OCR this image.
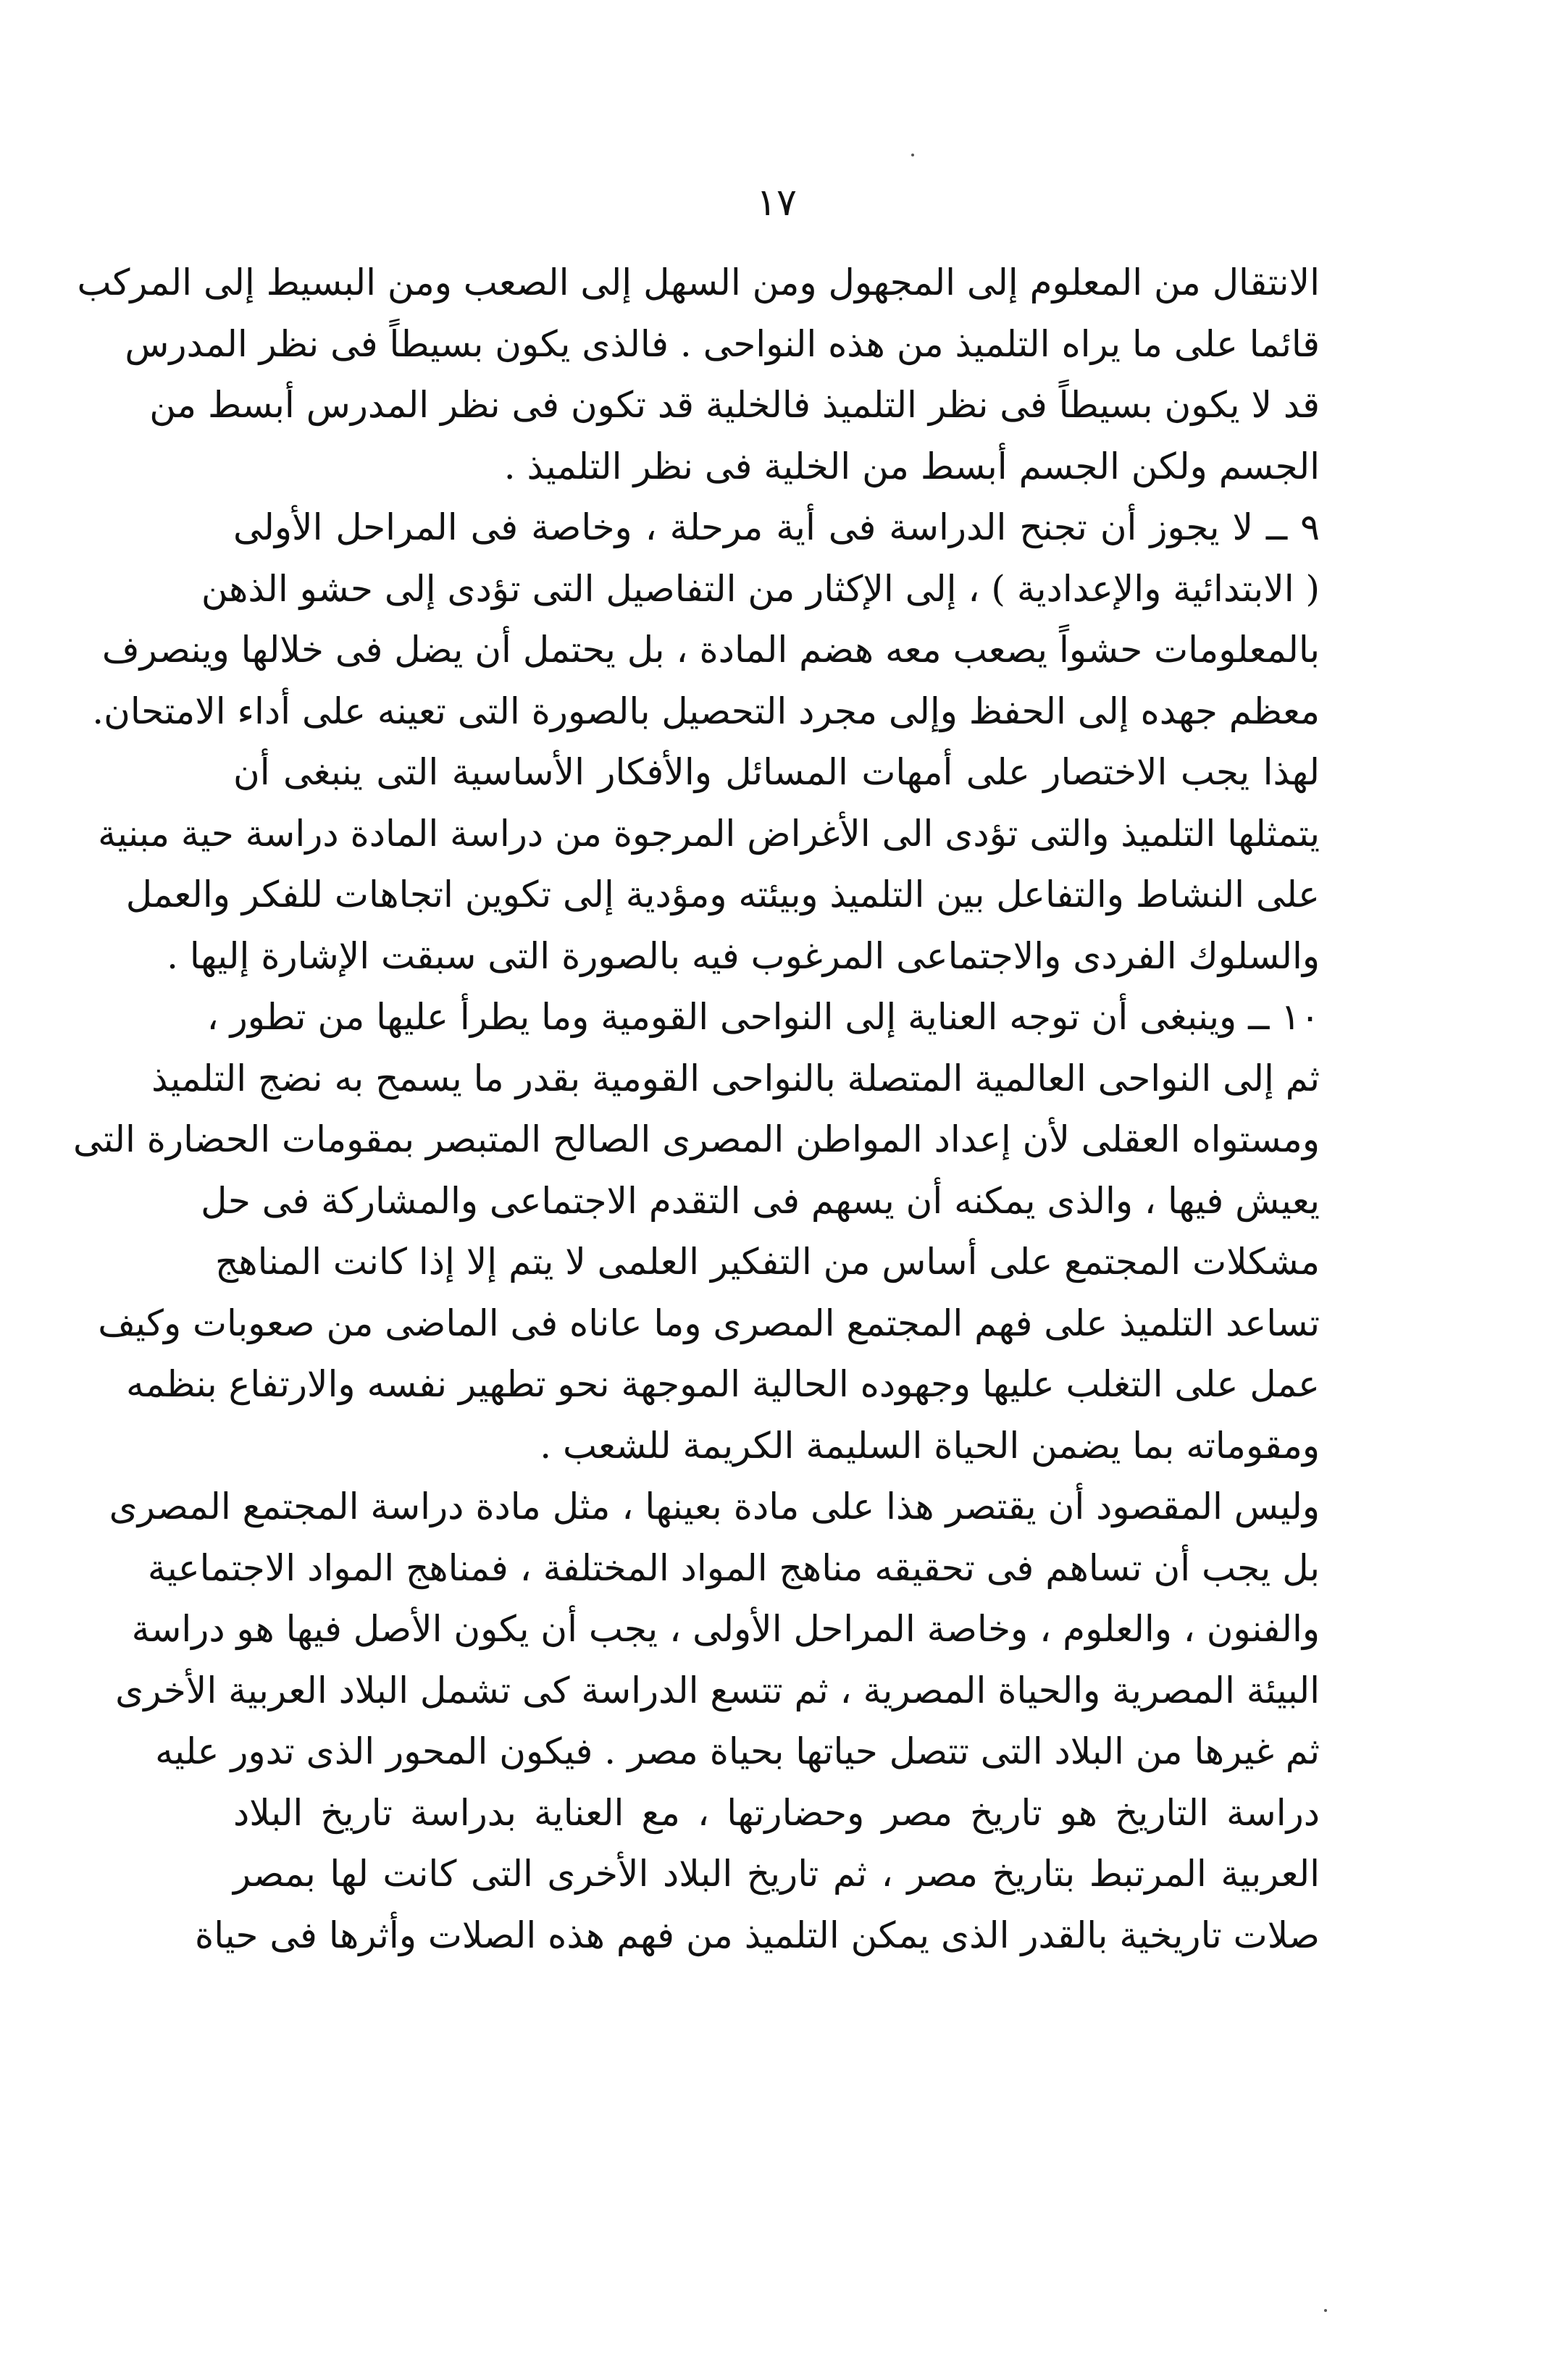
١٧
الانتقال من المعلوم إلى المجهول ومن السهل إلى الصعب ومن البسيط إلى المركب
قائما على ما يراه التلميذ من هذه النواحى . فالذى يكون بسيطاً فى نظر المدرس
قد لا يكون بسيطاً فى نظر التلميذ فالخلية قد تكون فى نظر المدرس أبسط من
الجسم ولكن الجسم أبسط من الخلية فى نظر التلميذ .
٩ ــ لا يجوز أن تجنح الدراسة فى أية مرحلة ، وخاصة فى المراحل الأولى
( الابتدائية والإعدادية ) ، إلى الإكثار من التفاصيل التى تؤدى إلى حشو الذهن
بالمعلومات حشواً يصعب معه هضم المادة ، بل يحتمل أن يضل فى خلالها وينصرف
معظم جهده إلى الحفظ وإلى مجرد التحصيل بالصورة التى تعينه على أداء الامتحان.
لهذا يجب الاختصار على أمهات المسائل والأفكار الأساسية التى ينبغى أن
يتمثلها التلميذ والتى تؤدى الى الأغراض المرجوة من دراسة المادة دراسة حية مبنية
على النشاط والتفاعل بين التلميذ وبيئته ومؤدية إلى تكوين اتجاهات للفكر والعمل
والسلوك الفردى والاجتماعى المرغوب فيه بالصورة التى سبقت الإشارة إليها .
١٠ ــ وينبغى أن توجه العناية إلى النواحى القومية وما يطرأ عليها من تطور ،
ثم إلى النواحى العالمية المتصلة بالنواحى القومية بقدر ما يسمح به نضج التلميذ
ومستواه العقلى لأن إعداد المواطن المصرى الصالح المتبصر بمقومات الحضارة التى
يعيش فيها ، والذى يمكنه أن يسهم فى التقدم الاجتماعى والمشاركة فى حل
مشكلات المجتمع على أساس من التفكير العلمى لا يتم إلا إذا كانت المناهج
تساعد التلميذ على فهم المجتمع المصرى وما عاناه فى الماضى من صعوبات وكيف
عمل على التغلب عليها وجهوده الحالية الموجهة نحو تطهير نفسه والارتفاع بنظمه
ومقوماته بما يضمن الحياة السليمة الكريمة للشعب .
وليس المقصود أن يقتصر هذا على مادة بعينها ، مثل مادة دراسة المجتمع المصرى
بل يجب أن تساهم فى تحقيقه مناهج المواد المختلفة ، فمناهج المواد الاجتماعية
والفنون ، والعلوم ، وخاصة المراحل الأولى ، يجب أن يكون الأصل فيها هو دراسة
البيئة المصرية والحياة المصرية ، ثم تتسع الدراسة كى تشمل البلاد العربية الأخرى
ثم غيرها من البلاد التى تتصل حياتها بحياة مصر . فيكون المحور الذى تدور عليه
دراسة التاريخ هو تاريخ مصر وحضارتها ، مع العناية بدراسة تاريخ البلاد
العربية المرتبط بتاريخ مصر ، ثم تاريخ البلاد الأخرى التى كانت لها بمصر
صلات تاريخية بالقدر الذى يمكن التلميذ من فهم هذه الصلات وأثرها فى حياة
